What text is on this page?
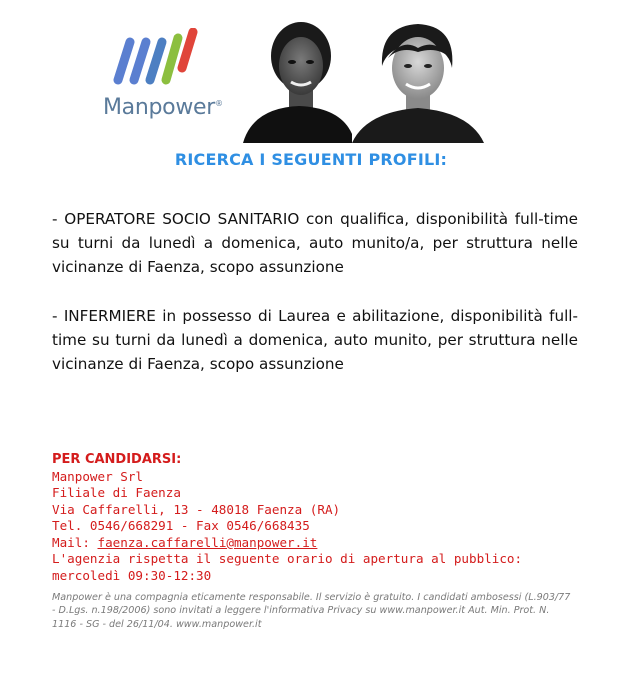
Manpower®
RICERCA I SEGUENTI PROFILI:
- OPERATORE SOCIO SANITARIO con qualifica, disponibilità full-time su turni da lunedì a domenica, auto munito/a, per struttura nelle vicinanze di Faenza, scopo assunzione
- INFERMIERE in possesso di Laurea e abilitazione, disponibilità full-time su turni da lunedì a domenica, auto munito, per struttura nelle vicinanze di Faenza, scopo assunzione
PER CANDIDARSI:
Manpower Srl
Filiale di Faenza
Via Caffarelli, 13 - 48018 Faenza (RA)
Tel. 0546/668291 - Fax 0546/668435
Mail: faenza.caffarelli@manpower.it
L'agenzia rispetta il seguente orario di apertura al pubblico: mercoledì 09:30-12:30
Manpower è una compagnia eticamente responsabile. Il servizio è gratuito. I candidati ambosessi (L.903/77 - D.Lgs. n.198/2006) sono invitati a leggere l'informativa Privacy su www.manpower.it Aut. Min. Prot. N. 1116 - SG - del 26/11/04. www.manpower.it
